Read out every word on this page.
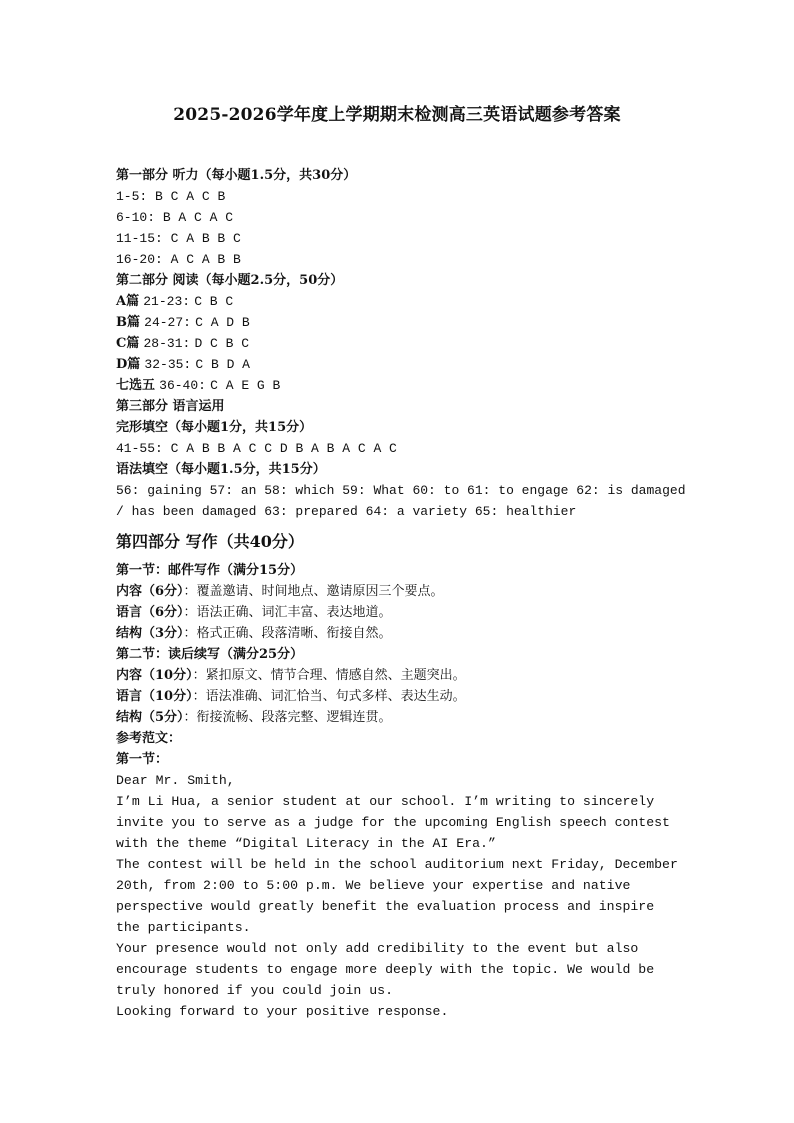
2025-2026学年度上学期期末检测高三英语试题参考答案
第一部分 听力（每小题1.5分，共30分）
1-5: B C A C B
6-10: B A C A C
11-15: C A B B C
16-20: A C A B B
第二部分 阅读（每小题2.5分，50分）
A篇 21-23: C B C
B篇 24-27: C A D B
C篇 28-31: D C B C
D篇 32-35: C B D A
七选五 36-40: C A E G B
第三部分 语言运用
完形填空（每小题1分，共15分）
41-55: C A B B A C C D B A B A C A C
语法填空（每小题1.5分，共15分）
56: gaining 57: an 58: which 59: What 60: to 61: to engage 62: is damaged
/ has been damaged 63: prepared 64: a variety 65: healthier
第四部分 写作（共40分）
第一节：邮件写作（满分15分）
内容（6分）：覆盖邀请、时间地点、邀请原因三个要点。
语言（6分）：语法正确、词汇丰富、表达地道。
结构（3分）：格式正确、段落清晰、衔接自然。
第二节：读后续写（满分25分）
内容（10分）：紧扣原文、情节合理、情感自然、主题突出。
语言（10分）：语法准确、词汇恰当、句式多样、表达生动。
结构（5分）：衔接流畅、段落完整、逻辑连贯。
参考范文：
第一节：
Dear Mr. Smith,
I’m Li Hua, a senior student at our school. I’m writing to sincerely invite you to serve as a judge for the upcoming English speech contest with the theme “Digital Literacy in the AI Era.”
The contest will be held in the school auditorium next Friday, December 20th, from 2:00 to 5:00 p.m. We believe your expertise and native perspective would greatly benefit the evaluation process and inspire the participants.
Your presence would not only add credibility to the event but also encourage students to engage more deeply with the topic. We would be truly honored if you could join us.
Looking forward to your positive response.
